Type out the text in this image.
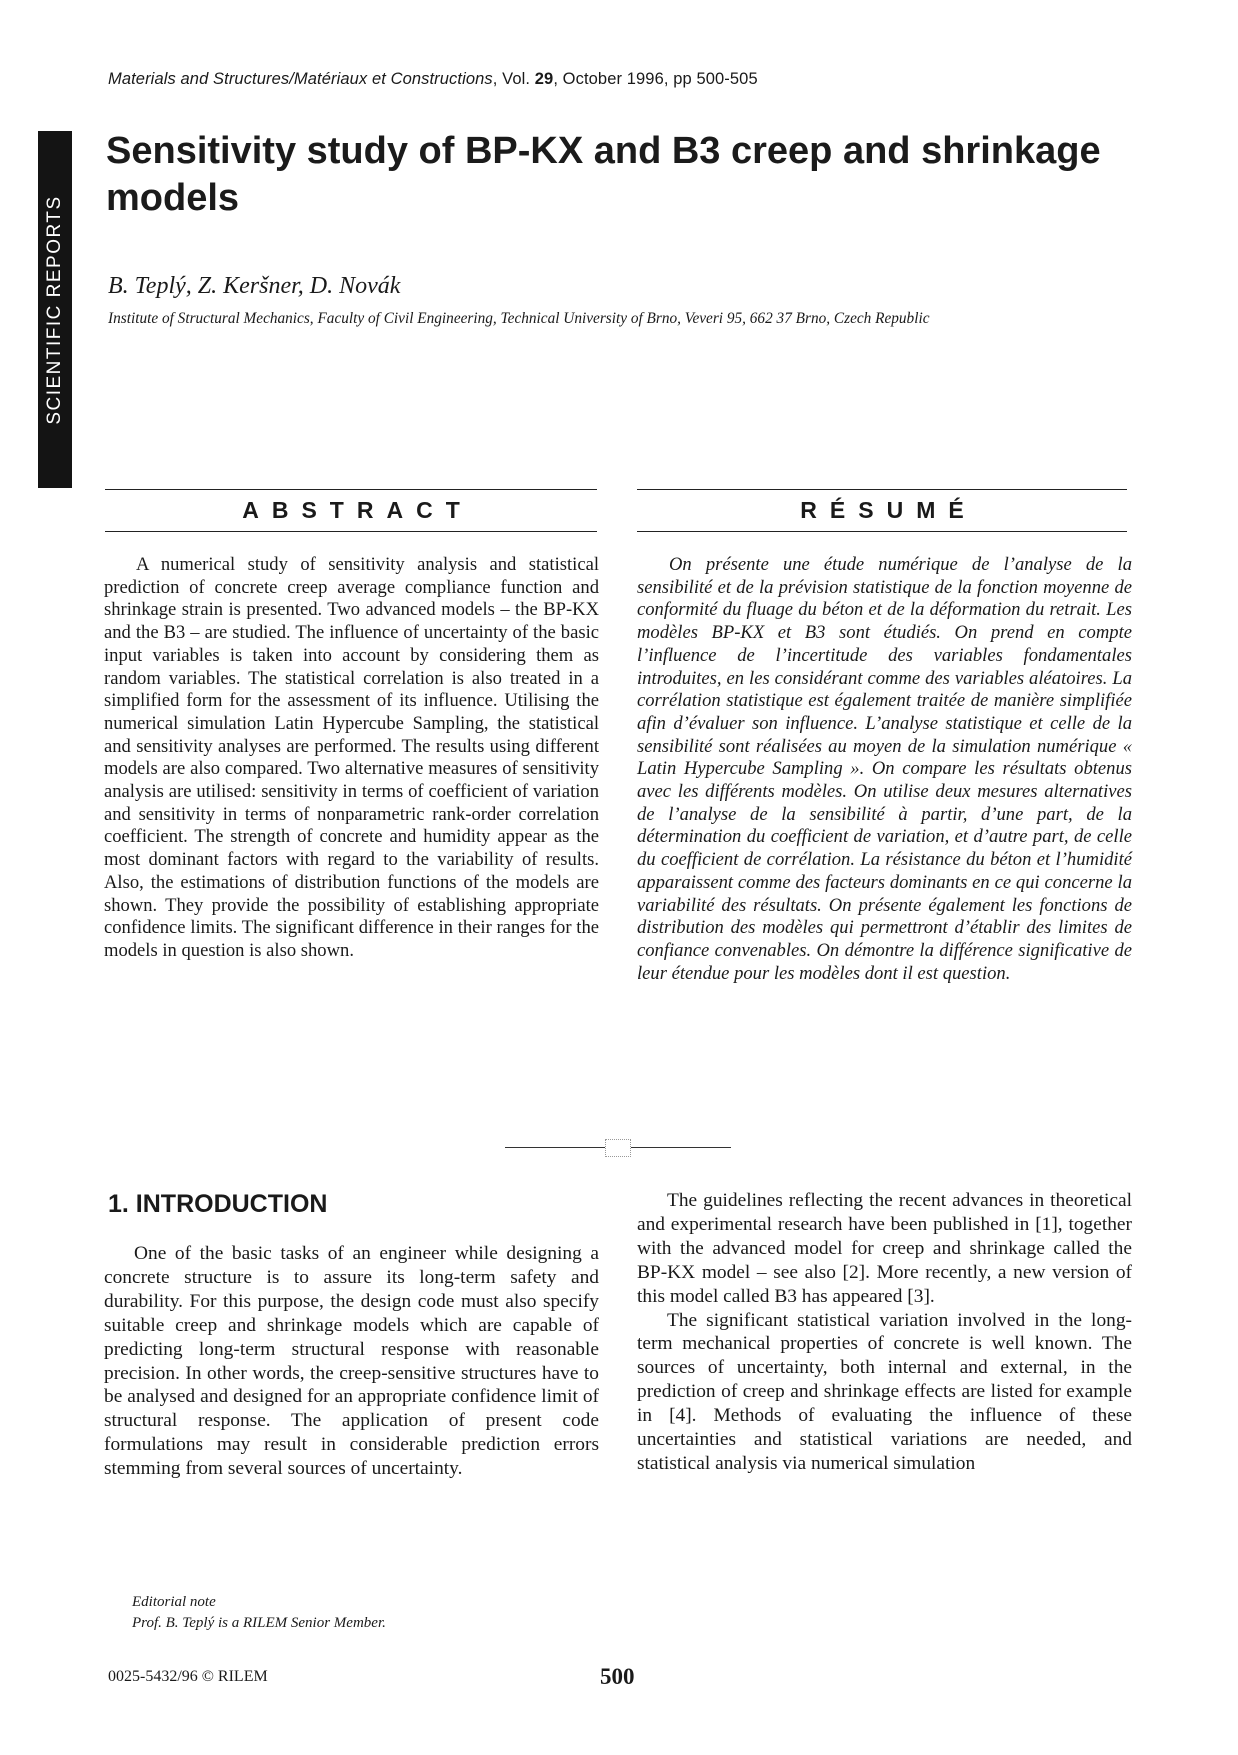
Materials and Structures/Matériaux et Constructions, Vol. 29, October 1996, pp 500-505
SCIENTIFIC REPORTS
Sensitivity study of BP-KX and B3 creep and shrinkage models
B. Teplý, Z. Keršner, D. Novák
Institute of Structural Mechanics, Faculty of Civil Engineering, Technical University of Brno, Veveri 95, 662 37 Brno, Czech Republic
ABSTRACT

A numerical study of sensitivity analysis and statistical prediction of concrete creep average compliance function and shrinkage strain is presented. Two advanced models – the BP-KX and the B3 – are studied. The influence of uncertainty of the basic input variables is taken into account by considering them as random variables. The statistical correlation is also treated in a simplified form for the assessment of its influence. Utilising the numerical simulation Latin Hypercube Sampling, the statistical and sensitivity analyses are performed. The results using different models are also compared. Two alternative measures of sensitivity analysis are utilised: sensitivity in terms of coefficient of variation and sensitivity in terms of nonparametric rank-order correlation coefficient. The strength of concrete and humidity appear as the most dominant factors with regard to the variability of results. Also, the estimations of distribution functions of the models are shown. They provide the possibility of establishing appropriate confidence limits. The significant difference in their ranges for the models in question is also shown.

RÉSUMÉ

On présente une étude numérique de l’analyse de la sensibilité et de la prévision statistique de la fonction moyenne de conformité du fluage du béton et de la déformation du retrait. Les modèles BP-KX et B3 sont étudiés. On prend en compte l’influence de l’incertitude des variables fondamentales introduites, en les considérant comme des variables aléatoires. La corrélation statistique est également traitée de manière simplifiée afin d’évaluer son influence. L’analyse statistique et celle de la sensibilité sont réalisées au moyen de la simulation numérique « Latin Hypercube Sampling ». On compare les résultats obtenus avec les différents modèles. On utilise deux mesures alternatives de l’analyse de la sensibilité à partir, d’une part, de la détermination du coefficient de variation, et d’autre part, de celle du coefficient de corrélation. La résistance du béton et l’humidité apparaissent comme des facteurs dominants en ce qui concerne la variabilité des résultats. On présente également les fonctions de distribution des modèles qui permettront d’établir des limites de confiance convenables. On démontre la différence significative de leur étendue pour les modèles dont il est question.

1. INTRODUCTION

One of the basic tasks of an engineer while designing a concrete structure is to assure its long-term safety and durability. For this purpose, the design code must also specify suitable creep and shrinkage models which are capable of predicting long-term structural response with reasonable precision. In other words, the creep-sensitive structures have to be analysed and designed for an appropriate confidence limit of structural response. The application of present code formulations may result in considerable prediction errors stemming from several sources of uncertainty.

The guidelines reflecting the recent advances in theoretical and experimental research have been published in [1], together with the advanced model for creep and shrinkage called the BP-KX model – see also [2]. More recently, a new version of this model called B3 has appeared [3].

The significant statistical variation involved in the long-term mechanical properties of concrete is well known. The sources of uncertainty, both internal and external, in the prediction of creep and shrinkage effects are listed for example in [4]. Methods of evaluating the influence of these uncertainties and statistical variations are needed, and statistical analysis via numerical simulation

Editorial note
Prof. B. Teplý is a RILEM Senior Member.
0025-5432/96 © RILEM	500
